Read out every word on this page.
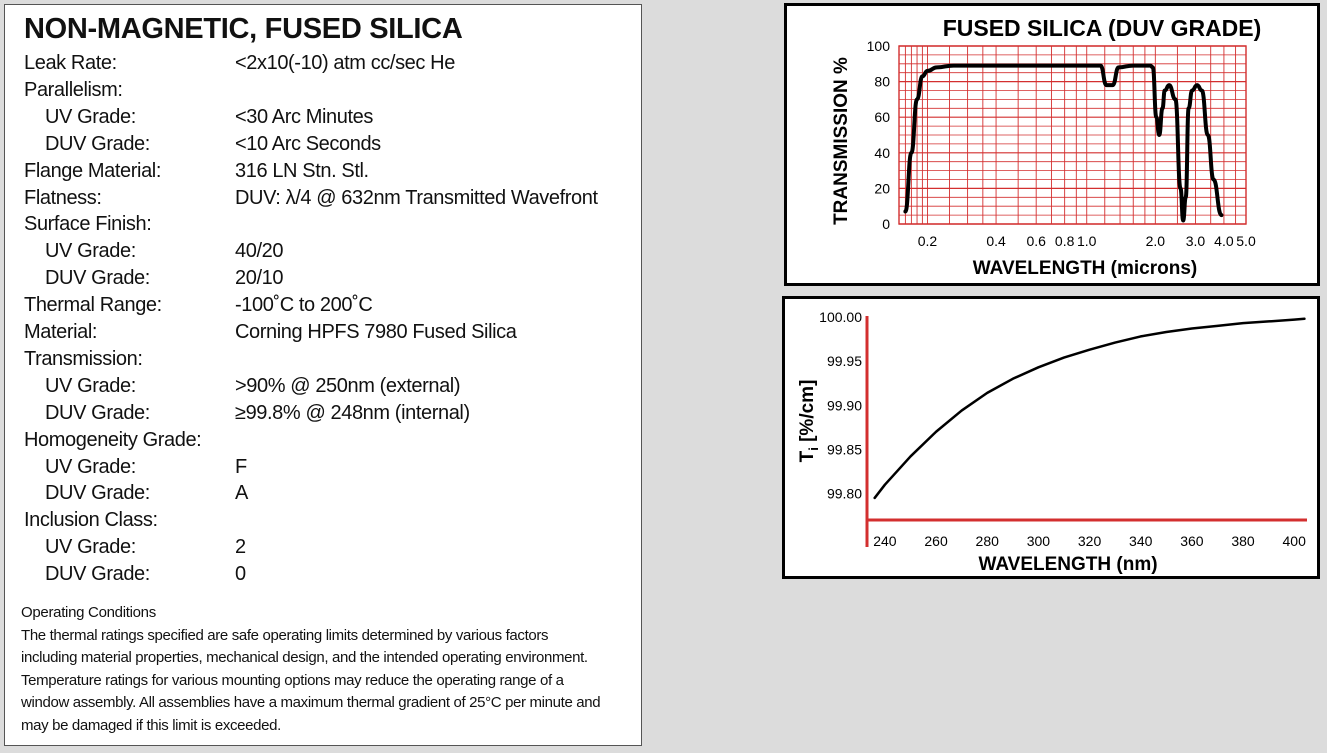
NON-MAGNETIC, FUSED SILICA
Leak Rate:	<2x10(-10) atm cc/sec He
Parallelism:
UV Grade:	<30 Arc Minutes
DUV Grade:	<10 Arc Seconds
Flange Material:	316 LN Stn. Stl.
Flatness:	DUV: λ/4 @ 632nm Transmitted Wavefront
Surface Finish:
UV Grade:	40/20
DUV Grade:	20/10
Thermal Range:	-100˚C to 200˚C
Material:	Corning HPFS 7980 Fused Silica
Transmission:
UV Grade:	>90% @ 250nm (external)
DUV Grade:	≥99.8% @ 248nm (internal)
Homogeneity Grade:
UV Grade:	F
DUV Grade:	A
Inclusion Class:
UV Grade:	2
DUV Grade:	0
Operating Conditions
The thermal ratings specified are safe operating limits determined by various factors
including material properties, mechanical design, and the intended operating environment.
Temperature ratings for various mounting options may reduce the operating range of a
window assembly. All assemblies have a maximum thermal gradient of 25°C per minute and
may be damaged if this limit is exceeded.
FUSED SILICA (DUV GRADE)
TRANSMISSION %
WAVELENGTH (microns)
0
20
40
60
80
100
0.2	0.4 0.6 0.8 1.0	2.0 3.0 4.0 5.0
99.80
99.85
99.90
99.95
100.00
240 260 280 300 320 340 360 380 400
WAVELENGTH (nm)
$T_i$ [%/cm]
